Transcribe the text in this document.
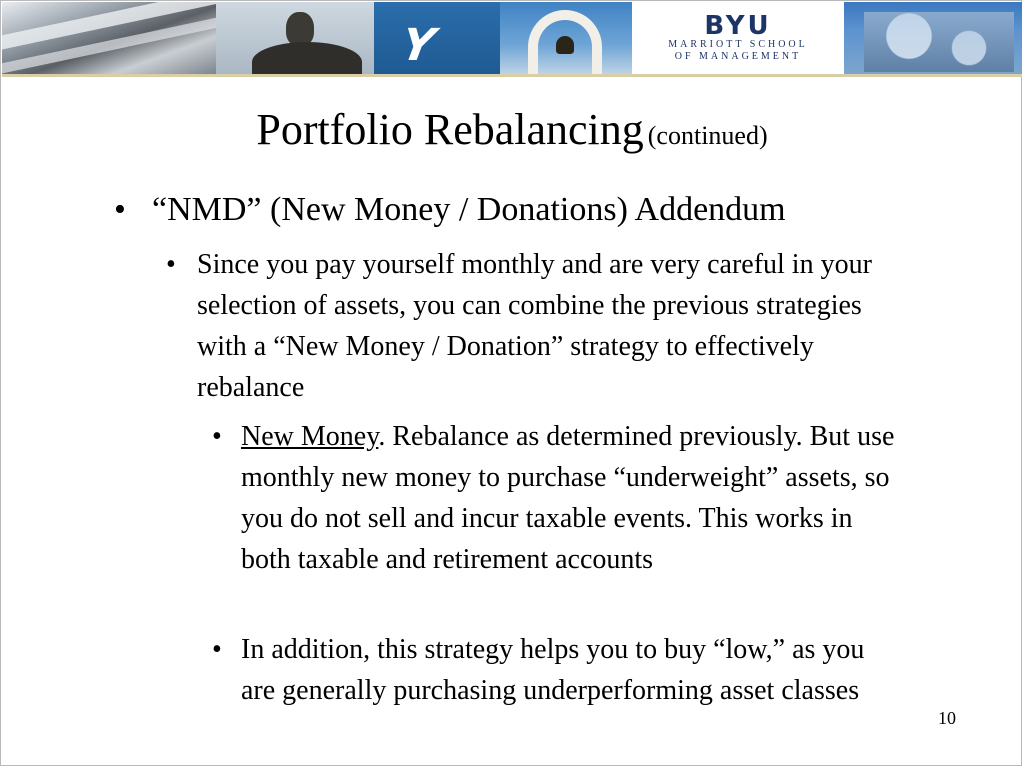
Y	BYU
MARRIOTT SCHOOL
OF MANAGEMENT
Portfolio Rebalancing (continued)
• “NMD” (New Money / Donations) Addendum
• Since you pay yourself monthly and are very careful in your selection of assets, you can combine the previous strategies with a “New Money / Donation” strategy to effectively rebalance
• New Money. Rebalance as determined previously. But use monthly new money to purchase “underweight” assets, so you do not sell and incur taxable events. This works in both taxable and retirement accounts
• In addition, this strategy helps you to buy “low,” as you are generally purchasing underperforming asset classes
10
